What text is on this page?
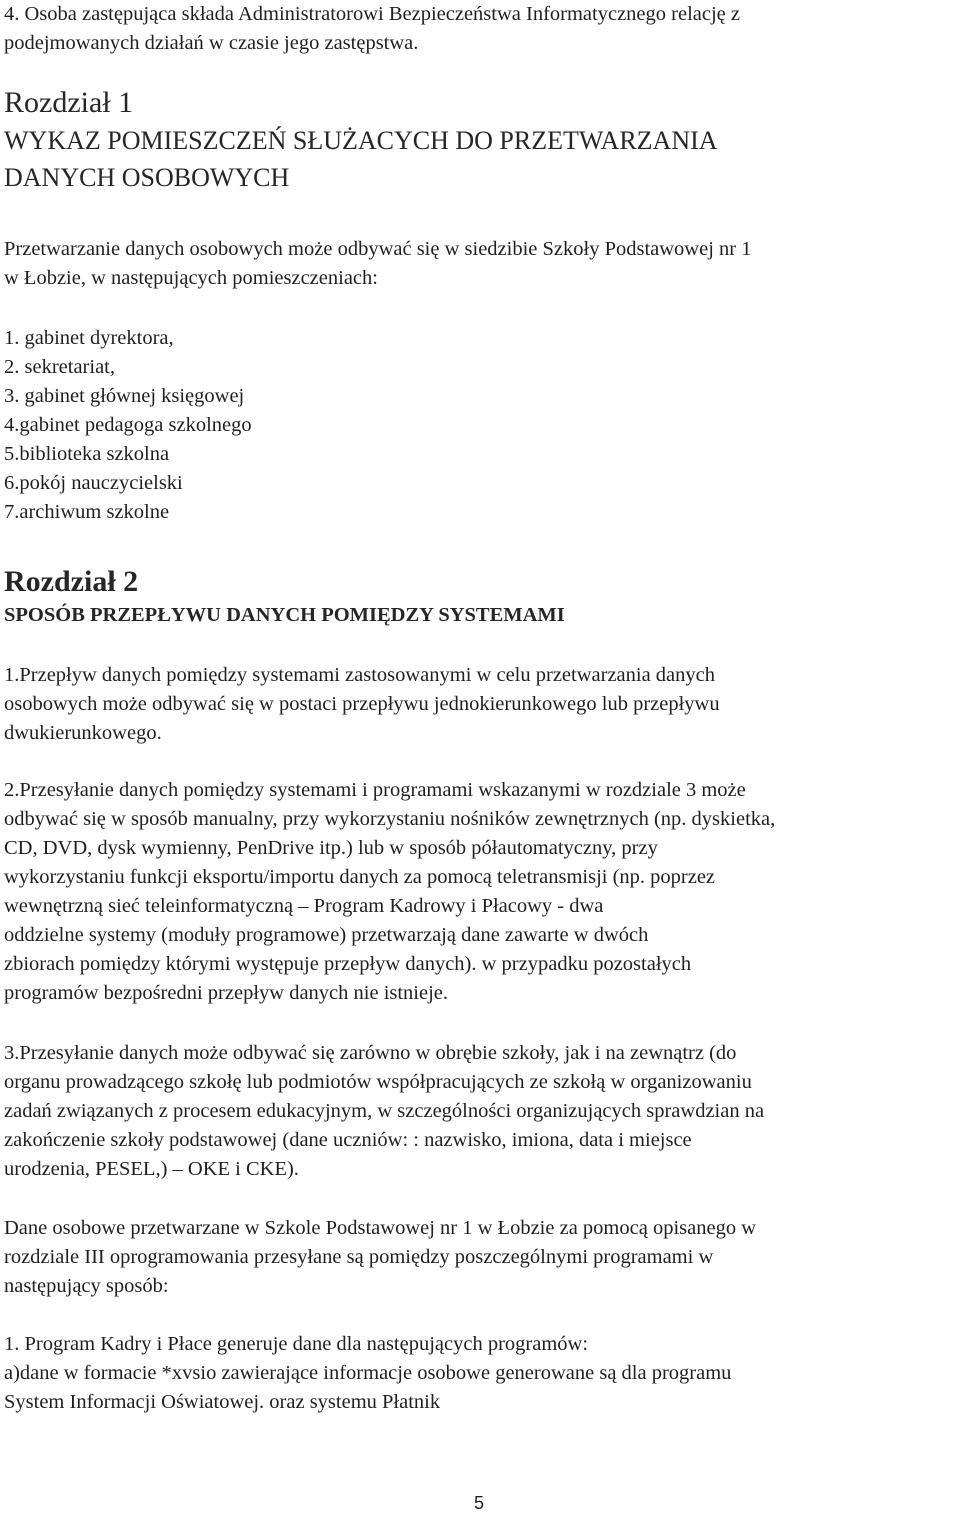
4. Osoba zastępująca składa Administratorowi Bezpieczeństwa Informatycznego relację z

podejmowanych działań w czasie jego zastępstwa.

Rozdział 1
WYKAZ POMIESZCZEŃ SŁUŻACYCH DO PRZETWARZANIA
DANYCH OSOBOWYCH

Przetwarzanie danych osobowych może odbywać się w siedzibie Szkoły Podstawowej nr 1

w Łobzie, w następujących pomieszczeniach:

1. gabinet dyrektora,
2. sekretariat,
3. gabinet głównej księgowej
4.gabinet pedagoga szkolnego
5.biblioteka szkolna
6.pokój nauczycielski
7.archiwum szkolne
Rozdział 2
SPOSÓB PRZEPŁYWU DANYCH POMIĘDZY SYSTEMAMI

1.Przepływ danych pomiędzy systemami zastosowanymi w celu przetwarzania danych

osobowych może odbywać się w postaci przepływu jednokierunkowego lub przepływu

dwukierunkowego.

2.Przesyłanie danych pomiędzy systemami i programami wskazanymi w rozdziale 3 może

odbywać się w sposób manualny, przy wykorzystaniu nośników zewnętrznych (np. dyskietka,

CD, DVD, dysk wymienny, PenDrive itp.) lub w sposób półautomatyczny, przy

wykorzystaniu funkcji eksportu/importu danych za pomocą teletransmisji (np. poprzez

wewnętrzną sieć teleinformatyczną – Program Kadrowy i Płacowy - dwa

oddzielne systemy (moduły programowe) przetwarzają dane zawarte w dwóch

zbiorach pomiędzy którymi występuje przepływ danych). w przypadku pozostałych

programów bezpośredni przepływ danych nie istnieje.

3.Przesyłanie danych może odbywać się zarówno w obrębie szkoły, jak i na zewnątrz (do

organu prowadzącego szkołę lub podmiotów współpracujących ze szkołą w organizowaniu

zadań związanych z procesem edukacyjnym, w szczególności organizujących sprawdzian na

zakończenie szkoły podstawowej (dane uczniów: : nazwisko, imiona, data i miejsce

urodzenia, PESEL,) – OKE i CKE).

Dane osobowe przetwarzane w Szkole Podstawowej nr 1 w Łobzie za pomocą opisanego w

rozdziale III oprogramowania przesyłane są pomiędzy poszczególnymi programami w

następujący sposób:

1. Program Kadry i Płace generuje dane dla następujących programów:

a)dane w formacie *xvsio zawierające informacje osobowe generowane są dla programu

System Informacji Oświatowej. oraz systemu Płatnik

5
